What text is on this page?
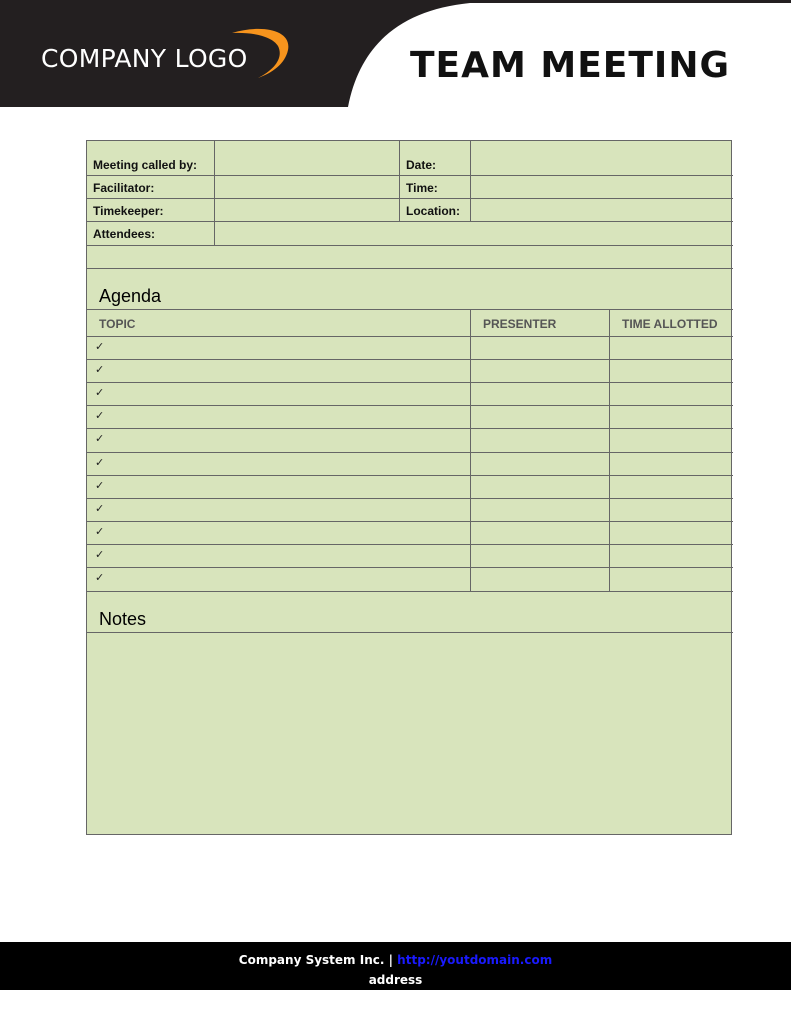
COMPANY LOGO	TEAM MEETING
Meeting called by:	Date:
Facilitator:	Time:
Timekeeper:	Location:
Attendees:
Agenda
TOPIC	PRESENTER	TIME ALLOTTED
✓
✓
✓
✓
✓
✓
✓
✓
✓
✓
✓
Notes
Company System Inc. | http://youtdomain.com
address
